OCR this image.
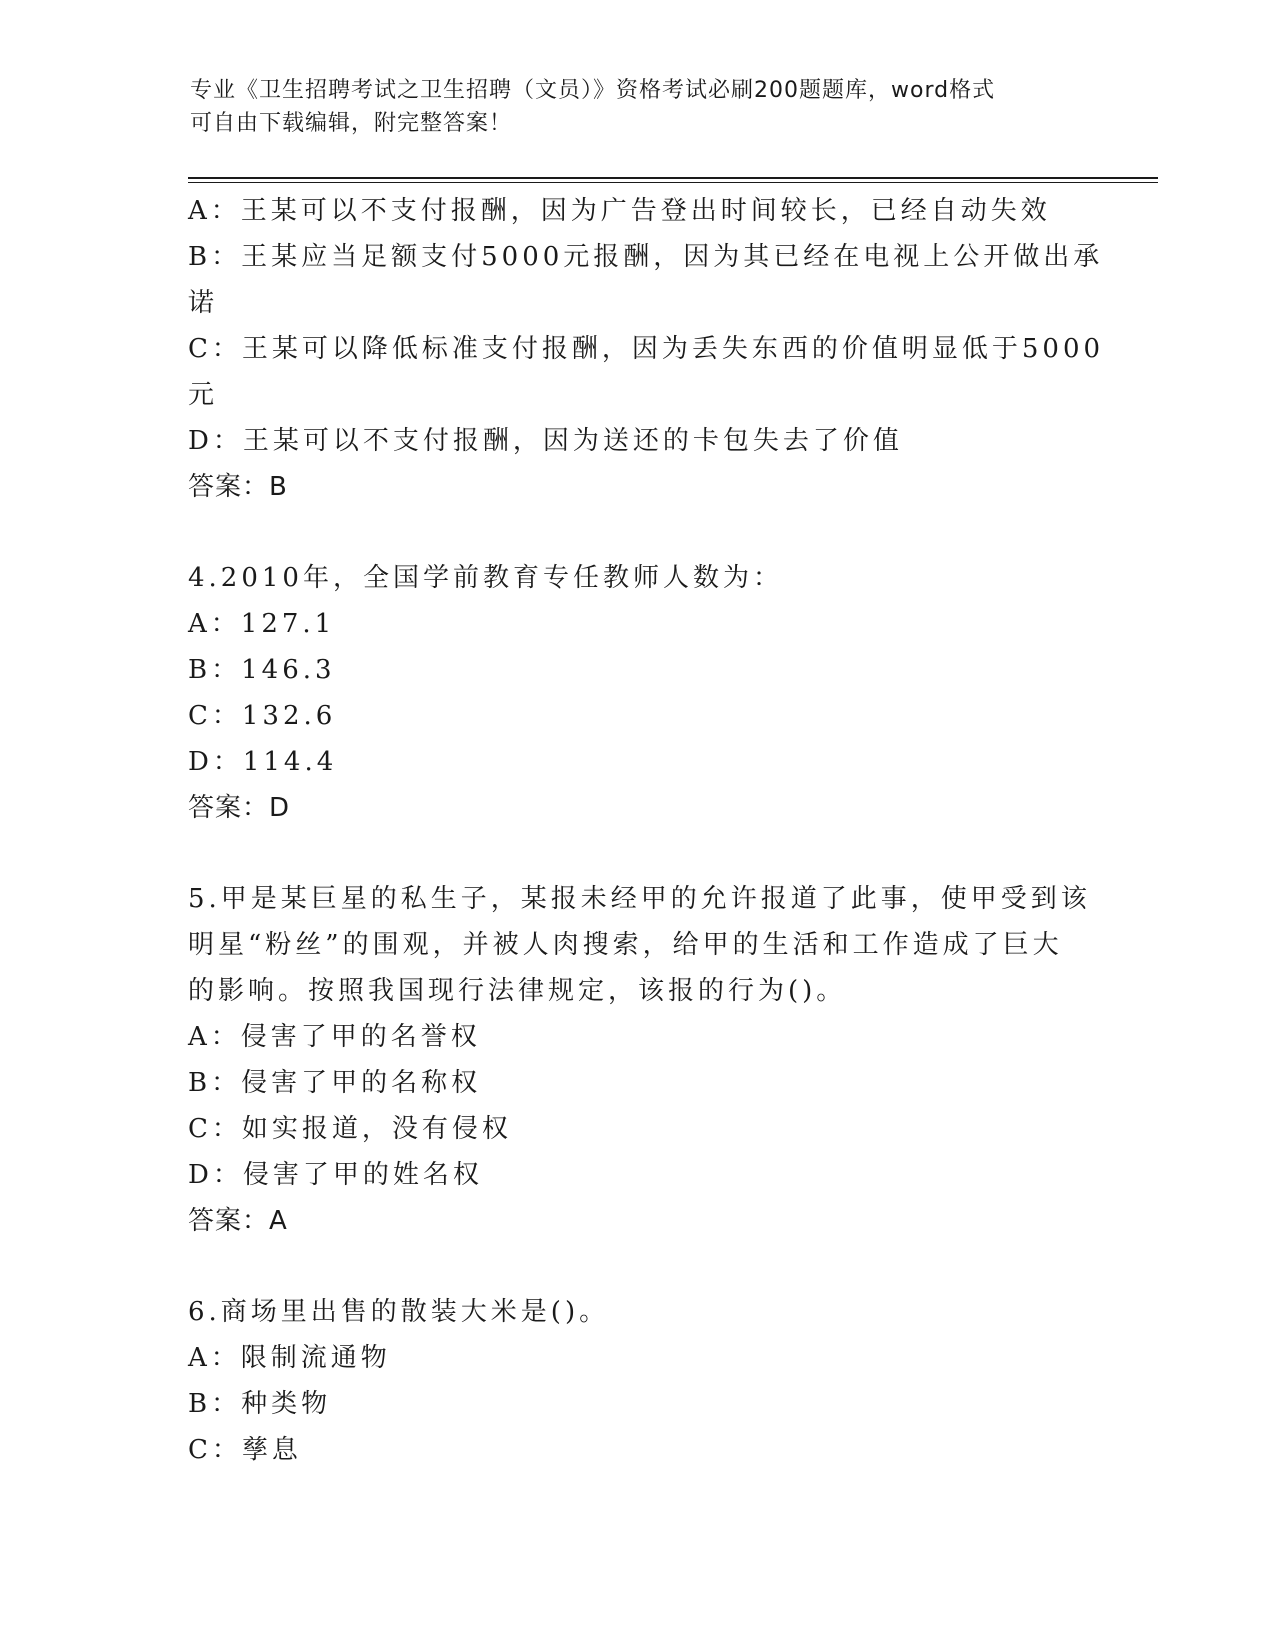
专业《卫生招聘考试之卫生招聘（文员）》资格考试必刷200题题库，word格式
可自由下载编辑，附完整答案！
A：王某可以不支付报酬，因为广告登出时间较长，已经自动失效
B：王某应当足额支付5000元报酬，因为其已经在电视上公开做出承
诺
C：王某可以降低标准支付报酬，因为丢失东西的价值明显低于5000
元
D：王某可以不支付报酬，因为送还的卡包失去了价值
答案：B
4.2010年，全国学前教育专任教师人数为：
A：127.1
B：146.3
C：132.6
D：114.4
答案：D
5.甲是某巨星的私生子，某报未经甲的允许报道了此事，使甲受到该
明星“粉丝”的围观，并被人肉搜索，给甲的生活和工作造成了巨大
的影响。按照我国现行法律规定，该报的行为()。
A：侵害了甲的名誉权
B：侵害了甲的名称权
C：如实报道，没有侵权
D：侵害了甲的姓名权
答案：A
6.商场里出售的散装大米是()。
A：限制流通物
B：种类物
C：孳息
